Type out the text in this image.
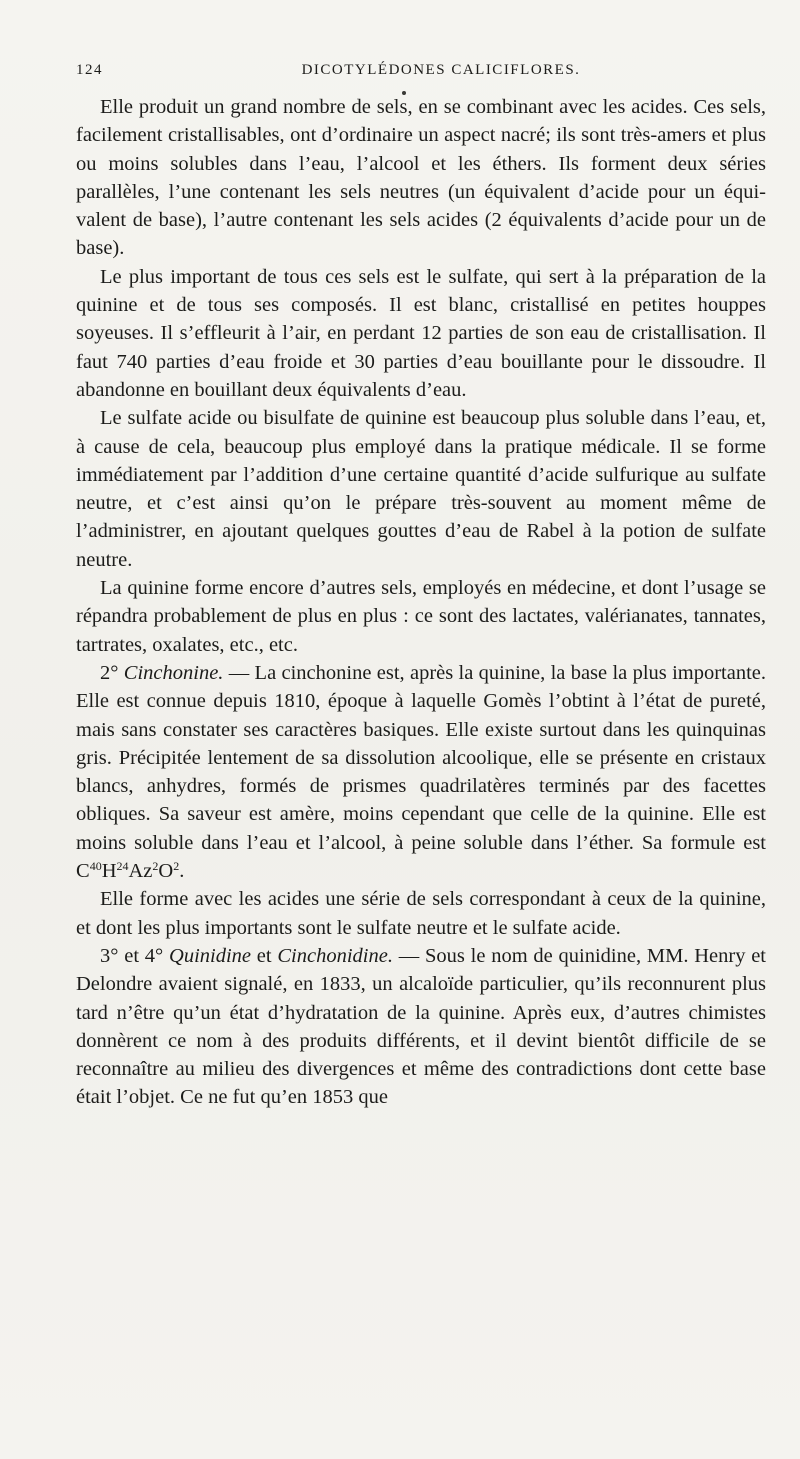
124	DICOTYLÉDONES CALICIFLORES.

Elle produit un grand nombre de sels, en se combinant avec les acides. Ces sels, facilement cristallisables, ont d’ordinaire un aspect nacré; ils sont très-amers et plus ou moins solubles dans l’eau, l’alcool et les éthers. Ils forment deux séries parallèles, l’une contenant les sels neutres (un équivalent d’acide pour un équivalent de base), l’autre contenant les sels acides (2 équivalents d’acide pour un de base).

Le plus important de tous ces sels est le sulfate, qui sert à la préparation de la quinine et de tous ses composés. Il est blanc, cristallisé en petites houppes soyeuses. Il s’effleurit à l’air, en perdant 12 parties de son eau de cristallisation. Il faut 740 parties d’eau froide et 30 parties d’eau bouillante pour le dissoudre. Il abandonne en bouillant deux équivalents d’eau.

Le sulfate acide ou bisulfate de quinine est beaucoup plus soluble dans l’eau, et, à cause de cela, beaucoup plus employé dans la pratique médicale. Il se forme immédiatement par l’addition d’une certaine quantité d’acide sulfurique au sulfate neutre, et c’est ainsi qu’on le prépare très-souvent au moment même de l’administrer, en ajoutant quelques gouttes d’eau de Rabel à la potion de sulfate neutre.

La quinine forme encore d’autres sels, employés en médecine, et dont l’usage se répandra probablement de plus en plus : ce sont des lactates, valérianates, tannates, tartrates, oxalates, etc., etc.

2° Cinchonine. — La cinchonine est, après la quinine, la base la plus importante. Elle est connue depuis 1810, époque à laquelle Gomès l’obtint à l’état de pureté, mais sans constater ses caractères basiques. Elle existe surtout dans les quinquinas gris. Précipitée lentement de sa dissolution alcoolique, elle se présente en cristaux blancs, anhydres, formés de prismes quadrilatères terminés par des facettes obliques. Sa saveur est amère, moins cependant que celle de la quinine. Elle est moins soluble dans l’eau et l’alcool, à peine soluble dans l’éther. Sa formule est $C^{40}H^{24}Az^2O^2$.

Elle forme avec les acides une série de sels correspondant à ceux de la quinine, et dont les plus importants sont le sulfate neutre et le sulfate acide.

3° et 4° Quinidine et Cinchonidine. — Sous le nom de quinidine, MM. Henry et Delondre avaient signalé, en 1833, un alcaloïde particulier, qu’ils reconnurent plus tard n’être qu’un état d’hydratation de la quinine. Après eux, d’autres chimistes donnèrent ce nom à des produits différents, et il devint bientôt difficile de se reconnaître au milieu des divergences et même des contradictions dont cette base était l’objet. Ce ne fut qu’en 1853 que
